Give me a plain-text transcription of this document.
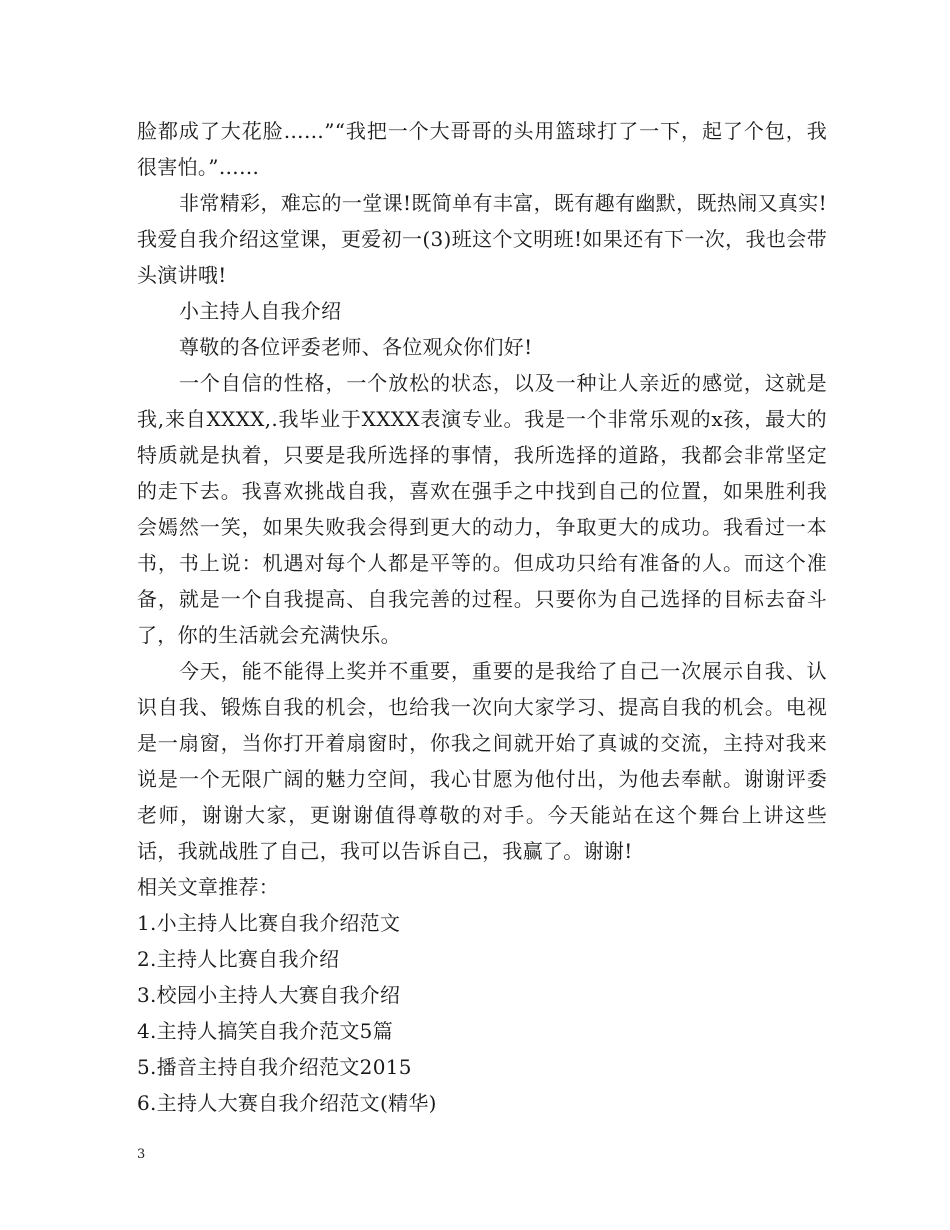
脸都成了大花脸……”“我把一个大哥哥的头用篮球打了一下，起了个包，我很害怕。”……

非常精彩，难忘的一堂课!既简单有丰富，既有趣有幽默，既热闹又真实!我爱自我介绍这堂课，更爱初一(3)班这个文明班!如果还有下一次，我也会带头演讲哦!

小主持人自我介绍

尊敬的各位评委老师、各位观众你们好!

一个自信的性格，一个放松的状态，以及一种让人亲近的感觉，这就是我,来自XXXX,.我毕业于XXXX表演专业。我是一个非常乐观的x孩，最大的特质就是执着，只要是我所选择的事情，我所选择的道路，我都会非常坚定的走下去。我喜欢挑战自我，喜欢在强手之中找到自己的位置，如果胜利我会嫣然一笑，如果失败我会得到更大的动力，争取更大的成功。我看过一本书，书上说：机遇对每个人都是平等的。但成功只给有准备的人。而这个准备，就是一个自我提高、自我完善的过程。只要你为自己选择的目标去奋斗了，你的生活就会充满快乐。

今天，能不能得上奖并不重要，重要的是我给了自己一次展示自我、认识自我、锻炼自我的机会，也给我一次向大家学习、提高自我的机会。电视是一扇窗，当你打开着扇窗时，你我之间就开始了真诚的交流，主持对我来说是一个无限广阔的魅力空间，我心甘愿为他付出，为他去奉献。谢谢评委老师，谢谢大家，更谢谢值得尊敬的对手。今天能站在这个舞台上讲这些话，我就战胜了自己，我可以告诉自己，我赢了。谢谢!

相关文章推荐：

1.小主持人比赛自我介绍范文
2.主持人比赛自我介绍
3.校园小主持人大赛自我介绍
4.主持人搞笑自我介范文5篇
5.播音主持自我介绍范文2015
6.主持人大赛自我介绍范文(精华)
3
